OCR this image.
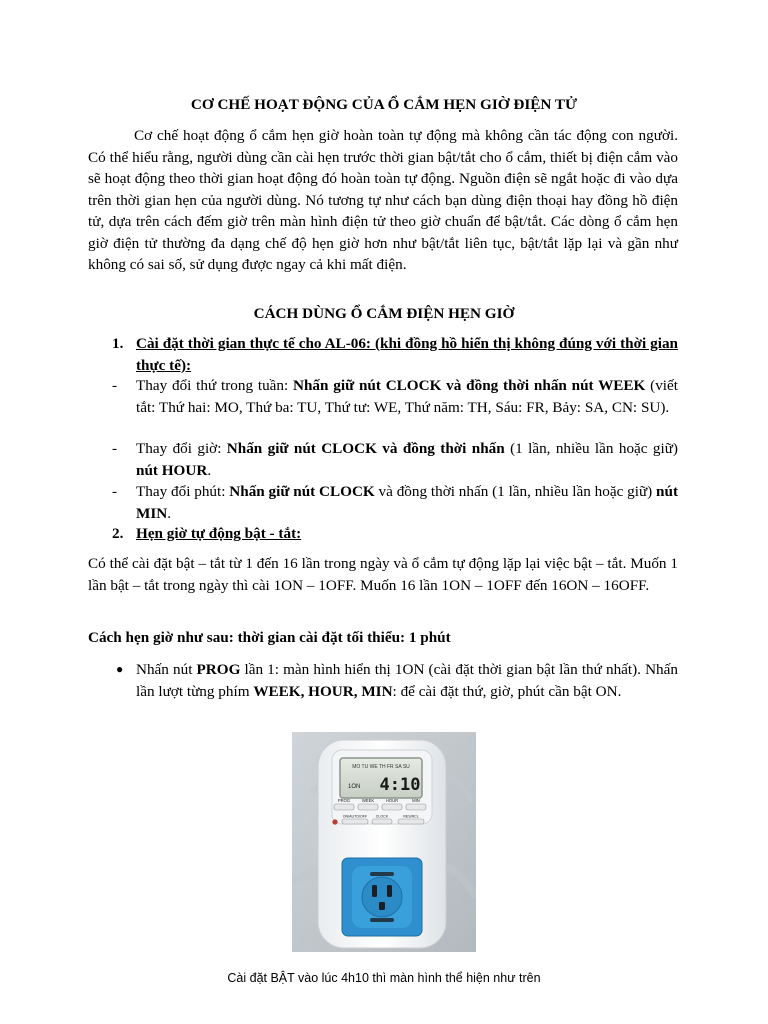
CƠ CHẾ HOẠT ĐỘNG CỦA Ổ CẮM HẸN GIỜ ĐIỆN TỬ
Cơ chế hoạt động ổ cắm hẹn giờ hoàn toàn tự động mà không cần tác động con người. Có thể hiểu rằng, người dùng cần cài hẹn trước thời gian bật/tắt cho ổ cắm, thiết bị điện cắm vào sẽ hoạt động theo thời gian hoạt động đó hoàn toàn tự động. Nguồn điện sẽ ngắt hoặc đi vào dựa trên thời gian hẹn của người dùng. Nó tương tự như cách bạn dùng điện thoại hay đồng hồ điện tử, dựa trên cách đếm giờ trên màn hình điện tử theo giờ chuẩn để bật/tắt. Các dòng ổ cắm hẹn giờ điện tử thường đa dạng chế độ hẹn giờ hơn như bật/tắt liên tục, bật/tắt lặp lại và gần như không có sai số, sử dụng được ngay cả khi mất điện.
CÁCH DÙNG Ổ CẮM ĐIỆN HẸN GIỜ
1. Cài đặt thời gian thực tế cho AL-06: (khi đồng hồ hiển thị không đúng với thời gian thực tế):
- Thay đổi thứ trong tuần: Nhấn giữ nút CLOCK và đồng thời nhấn nút WEEK (viết tắt: Thứ hai: MO, Thứ ba: TU, Thứ tư: WE, Thứ năm: TH, Sáu: FR, Bảy: SA, CN: SU).
- Thay đổi giờ: Nhấn giữ nút CLOCK và đồng thời nhấn (1 lần, nhiều lần hoặc giữ) nút HOUR.
- Thay đổi phút: Nhấn giữ nút CLOCK và đồng thời nhấn (1 lần, nhiều lần hoặc giữ) nút MIN.
2. Hẹn giờ tự động bật - tắt:
Có thể cài đặt bật – tắt từ 1 đến 16 lần trong ngày và ổ cắm tự động lặp lại việc bật – tắt. Muốn 1 lần bật – tắt trong ngày thì cài 1ON – 1OFF. Muốn 16 lần 1ON – 1OFF đến 16ON – 16OFF.
Cách hẹn giờ như sau: thời gian cài đặt tối thiểu: 1 phút
● Nhấn nút PROG lần 1: màn hình hiển thị 1ON (cài đặt thời gian bật lần thứ nhất). Nhấn lần lượt từng phím WEEK, HOUR, MIN: để cài đặt thứ, giờ, phút cần bật ON.
MO TU WE TH FR SA SU
1ON 4:10
PROG	WEEK	HOUR	MIN
ON/AUTO/OFF CLOCK	RES/RCL
Cài đặt BẬT vào lúc 4h10 thì màn hình thể hiện như trên
